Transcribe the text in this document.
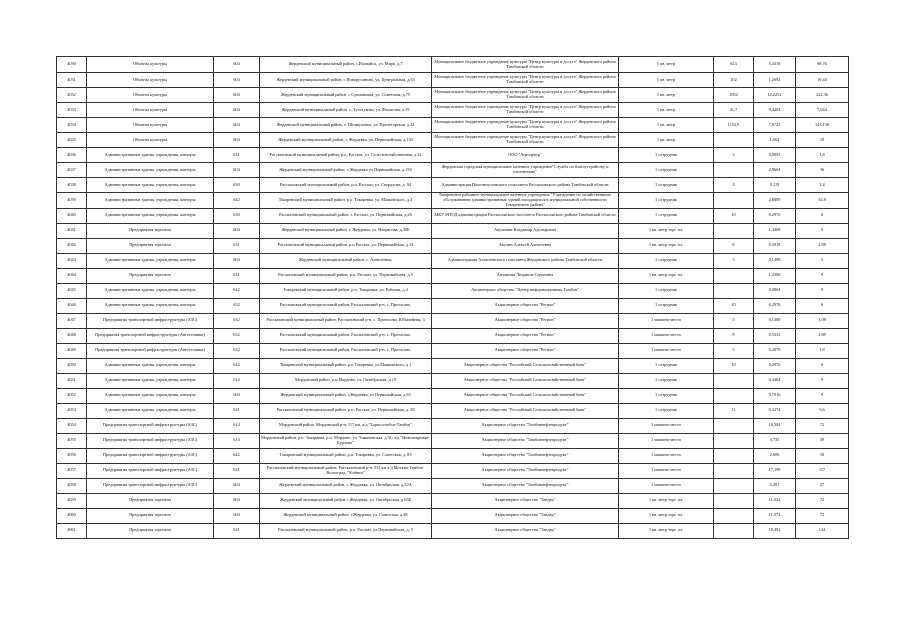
4030	Объекты культуры	604	Жердевский муниципальный район, с.Иловайск, ул. Мира, д.7	Муниципальное бюджетное учреждение культуры "Центр культуры и досуга" Жердевского района Тамбовской области	1 кв. метр	823	5,4318	98,76
4031	Объекты культуры	604	Жердевский муниципальный район, с.Новорусанино, ул. Центральная, д.63	Муниципальное бюджетное учреждение культуры "Центр культуры и досуга" Жердевского района Тамбовской области	1 кв. метр	102	1,2692	19,44
4032	Объекты культуры	604	Жердевский муниципальный район, с.Сукмановка, ул. Советская, д.75	Муниципальное бюджетное учреждение культуры "Центр культуры и досуга" Жердевского района Тамбовской области	1 кв. метр	1052	12,2252	222,36
4033	Объекты культуры	604	Жердевский муниципальный район, с. Туголуково, ул. Филатова, д.19	Муниципальное бюджетное учреждение культуры "Центр культуры и досуга" Жердевского района Тамбовской области	1 кв. метр	41,7	0,4204	7,644
4034	Объекты культуры	604	Жердевский муниципальный район, с. Шпикуловка, ул. Пролетарская, д.24	Муниципальное бюджетное учреждение культуры "Центр культуры и досуга" Жердевского района Тамбовской области	1 кв. метр	1192,8	7,8723	143,136
4035	Объекты культуры	604	Жердевский муниципальный район, г. Жердевка, ул. Первомайская, д.150	Муниципальное бюджетное учреждение культуры "Центр культуры и досуга" Жердевского района Тамбовской области	1 кв. метр		1,062	18
4036	Административные здания, учреждения, конторы	631	Рассказовский муниципальный район, р.п. Рассказ, ул. Сельскохозяйственная, д.22	ООО "Агроцентр"	1 сотрудник	3	0,0893	1,8
4037	Административные здания, учреждения, конторы	604	Жердевский муниципальный район, г. Жердевка ул.Первомайская, д.150	Жердевская городская муниципальное казенное учреждение"Служба по благоустройству и озеленению"	1 сотрудник		2,9664	36
4038	Административные здания, учреждения, конторы	630	Рассказовский муниципальный район, р.п. Рассказ, ул. Свердлова, д. 94	Администрация Пахотноугловского сельсовета Рассказовского района Тамбовской области	1 сотрудник	4	0,119	2,4
4039	Административные здания, учреждения, конторы	642	Токаревский муниципальный район, р.п. Токаревка, ул. Маяковского, д.2	Токаревское районное муниципальное казенное учреждение "Учреждение по хозяйственному обслуживанию административных зданий находящихся в муниципальной собственности Токаревского района"	1 сотрудник		2,8889	52,8
4040	Административные здания, учреждения, конторы	630	Рассказовский муниципальный район, г. Рассказ, ул. Первомайская, д.26	МКУ МТОД администрации Рассказовского поссовета Рассказовского района Тамбовской области	1 сотрудник	10	0,2976	6
4041	Предприятия торговли	604	Жердевский муниципальный район, г. Жердевка, ул. Некрасова, д.30Б	Акулинин Владимир Адольфович	1 кв. метр торг. пл.		1,4468	9
4042	Предприятия торговли	631	Рассказовский муниципальный район, р.п.Рассказ, ул. Первомайская, д.14	Акулин Алексей Алексеевич	1 кв. метр торг. пл.	6	0,3918	2,88
4043	Административные здания, учреждения, конторы	604	Жердевский муниципальный район, с. Алексеевка,	Администрация Алексеевского сельсовета Жердевского района Тамбовской области	1 сотрудник	3	0,1488	3
4044	Предприятия торговли	631	Рассказовский муниципальный район, р.п. Рассказ, ул. Первомайская, д.5	Анташова Людмила Сергеевна	1 кв. метр торг. пл.		1,2308	9
4045	Административные здания, учреждения, конторы	642	Токаревский муниципальный район, р.п. Токаревка, ул. Рабочая, д.4	Акционерное общество "Центр информационных Тамбов"	1 сотрудник		0,0864	9
4046	Административные здания, учреждения, конторы	632	Рассказовский муниципальный район, Рассказовский р-н, с. Протасово,	Акционерное общество "Регион"	1 сотрудник	10	0,2976	6
4047	Предприятия транспортной инфраструктуры (АЗС)	632	Рассказовский муниципальный район, Рассказовский р-н, с. Протасово, Юбилейная, 3	Акционерное общество "Регион"	1 машино-место	5	0,1388	1,08
4048	Предприятия транспортной инфраструктуры (Автостоянки)	632	Рассказовский муниципальный район, Рассказовский р-н, с. Протасово,	Акционерное общество "Регион"	1 машино-место	8	0,5332	2,88
4049	Предприятия транспортной инфраструктуры (Автостоянки)	632	Рассказовский муниципальный район, Рассказовский р-н, с. Протасово,	Акционерное общество "Регион"	1 машино-место	5	0,2076	1,8
4050	Административные здания, учреждения, конторы	642	Токаревский муниципальный район, р.п Токаревка, ул.Маяковского, д.1	Акционерное общество "Российский Сельскохозяйственный банк"	1 сотрудник	10	0,2976	6
4051	Административные здания, учреждения, конторы	614	Мордовский район, р.п.Мордово, ул. Октябрьская, д.19	Акционерное общество "Российский Сельскохозяйственный банк"	1 сотрудник		0,4464	9
4052	Административные здания, учреждения, конторы	604	Жердевский муниципальный район, г.Жердевка, ул.Первомайская, д.83	Акционерное общество "Российский Сельскохозяйственный банк"	1 сотрудник		0,7016	9
4053	Административные здания, учреждения, конторы	631	Рассказовский муниципальный район, р.п. Рассказ, ул. Первомайская, д. 38	Акционерное общество "Российский Сельскохозяйственный банк"	1 сотрудник	11	0,3274	6,6
4054	Предприятия транспортной инфраструктуры (АЗС)	614	Мордовский район, Мордовский р-н, 117 км. а/д "Борисоглебск-Тамбов"	Акционерное общество "Тамбовнефтепродукт"	1 машино-место		10,384	72
4055	Предприятия транспортной инфраструктуры (АЗС)	614	Мордовский район, р.п. Токаревка, р.п. Мордово, ул. Тимаченская, д 91, а/д "Новопокровка-Бурлово"	Акционерное общество "Тамбовнефтепродукт"	1 машино-место		3,735	39
4056	Предприятия транспортной инфраструктуры (АЗС)	642	Токаревский муниципальный район, р.п. Токаревка, ул. Советская, д. 83	Акционерное общество "Тамбовнефтепродукт"	1 машино-место		2,606	18
4057	Предприятия транспортной инфраструктуры (АЗС)	631	Рассказовский муниципальный район, Рассказовский р-н, 531 км а/д Москва-Тамбов-Волгоград, "Клёнки"	Акционерное общество "Тамбовнефтепродукт"	1 машино-место		17,199	117
4058	Предприятия транспортной инфраструктуры (АЗС)	604	Жердевский муниципальный район, г. Жердевка, ул. Октябрьская, д.52А	Акционерное общество "Тамбовнефтепродукт"	1 машино-место		5,281	27
4059	Предприятия торговли	604	Жердевский муниципальный район, г.Жердевка, ул. Октябрьская, д.65Б	Акционерное общество "Тандер"	1 кв. метр торг. пл.		11,334	72
4060	Предприятия торговли	604	Жердевский муниципальный район, г.Жердевка, ул. Советская, д.38	Акционерное общество "Тандер"	1 кв. метр торг. пл.		11,574	72
4061	Предприятия торговли	631	Рассказовский муниципальный район, р.п. Рассказ, ул.Первомайская, д. 5	Акционерное общество "Тандер"	1 кв. метр торг. пл.		19,492	144
